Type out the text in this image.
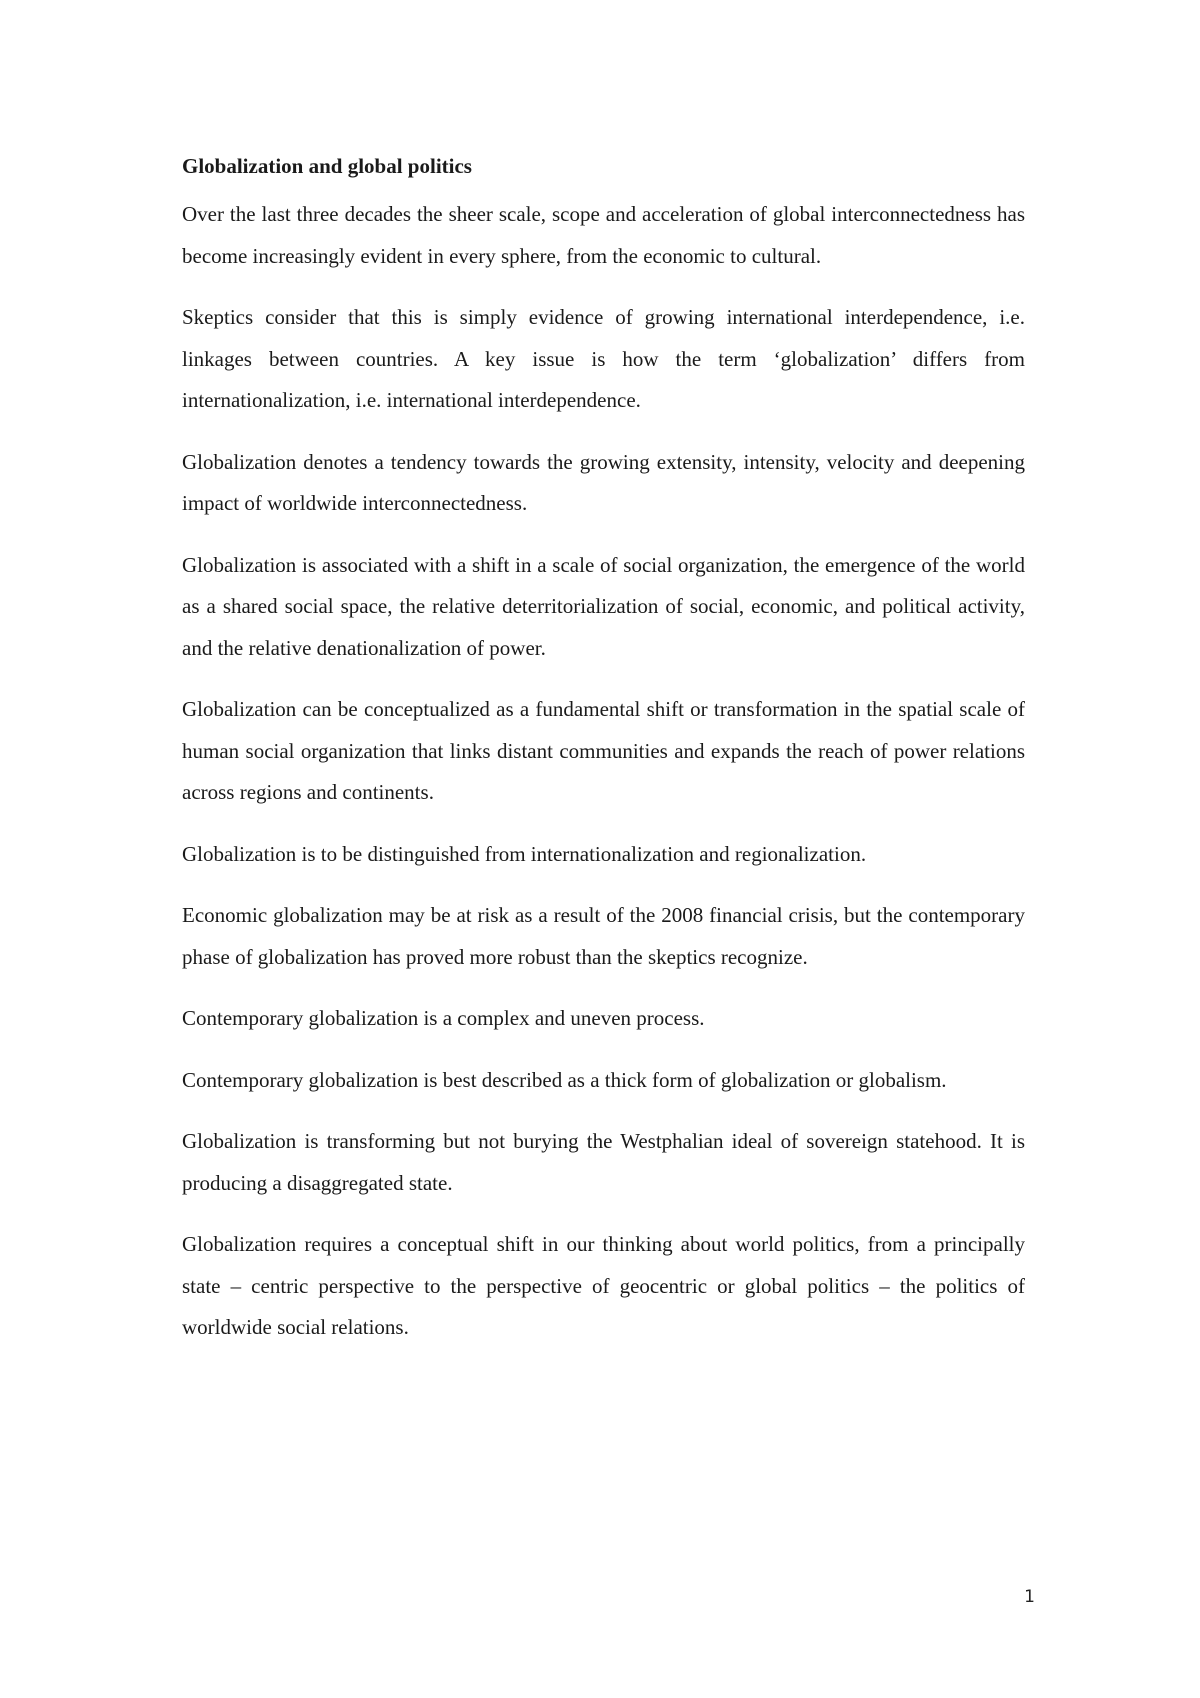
Globalization and global politics

Over the last three decades the sheer scale, scope and acceleration of global interconnectedness has become increasingly evident in every sphere, from the economic to cultural.

Skeptics consider that this is simply evidence of growing international interdependence, i.e. linkages between countries. A key issue is how the term ‘globalization’ differs from internationalization, i.e. international interdependence.

Globalization denotes a tendency towards the growing extensity, intensity, velocity and deepening impact of worldwide interconnectedness.

Globalization is associated with a shift in a scale of social organization, the emergence of the world as a shared social space, the relative deterritorialization of social, economic, and political activity, and the relative denationalization of power.

Globalization can be conceptualized as a fundamental shift or transformation in the spatial scale of human social organization that links distant communities and expands the reach of power relations across regions and continents.

Globalization is to be distinguished from internationalization and regionalization.

Economic globalization may be at risk as a result of the 2008 financial crisis, but the contemporary phase of globalization has proved more robust than the skeptics recognize.

Contemporary globalization is a complex and uneven process.

Contemporary globalization is best described as a thick form of globalization or globalism.

Globalization is transforming but not burying the Westphalian ideal of sovereign statehood. It is producing a disaggregated state.

Globalization requires a conceptual shift in our thinking about world politics, from a principally state – centric perspective to the perspective of geocentric or global politics – the politics of worldwide social relations.

1
